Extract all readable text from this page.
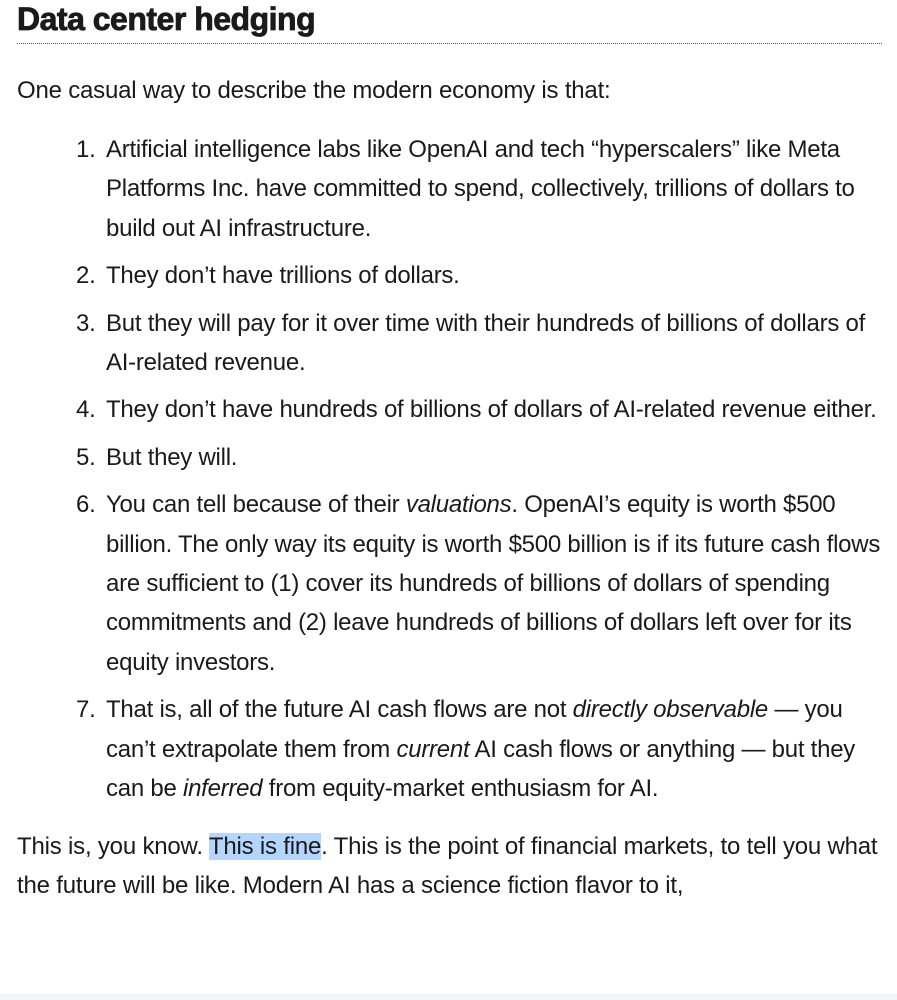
Data center hedging

One casual way to describe the modern economy is that:

1. Artificial intelligence labs like OpenAI and tech “hyperscalers” like Meta Platforms Inc. have committed to spend, collectively, trillions of dollars to build out AI infrastructure.
2. They don’t have trillions of dollars.
3. But they will pay for it over time with their hundreds of billions of dollars of AI-related revenue.
4. They don’t have hundreds of billions of dollars of AI-related revenue either.
5. But they will.
6. You can tell because of their valuations. OpenAI’s equity is worth $500 billion. The only way its equity is worth $500 billion is if its future cash flows are sufficient to (1) cover its hundreds of billions of dollars of spending commitments and (2) leave hundreds of billions of dollars left over for its equity investors.
7. That is, all of the future AI cash flows are not directly observable — you can’t extrapolate them from current AI cash flows or anything — but they can be inferred from equity-market enthusiasm for AI.

This is, you know. This is fine. This is the point of financial markets, to tell you what the future will be like. Modern AI has a science fiction flavor to it,
